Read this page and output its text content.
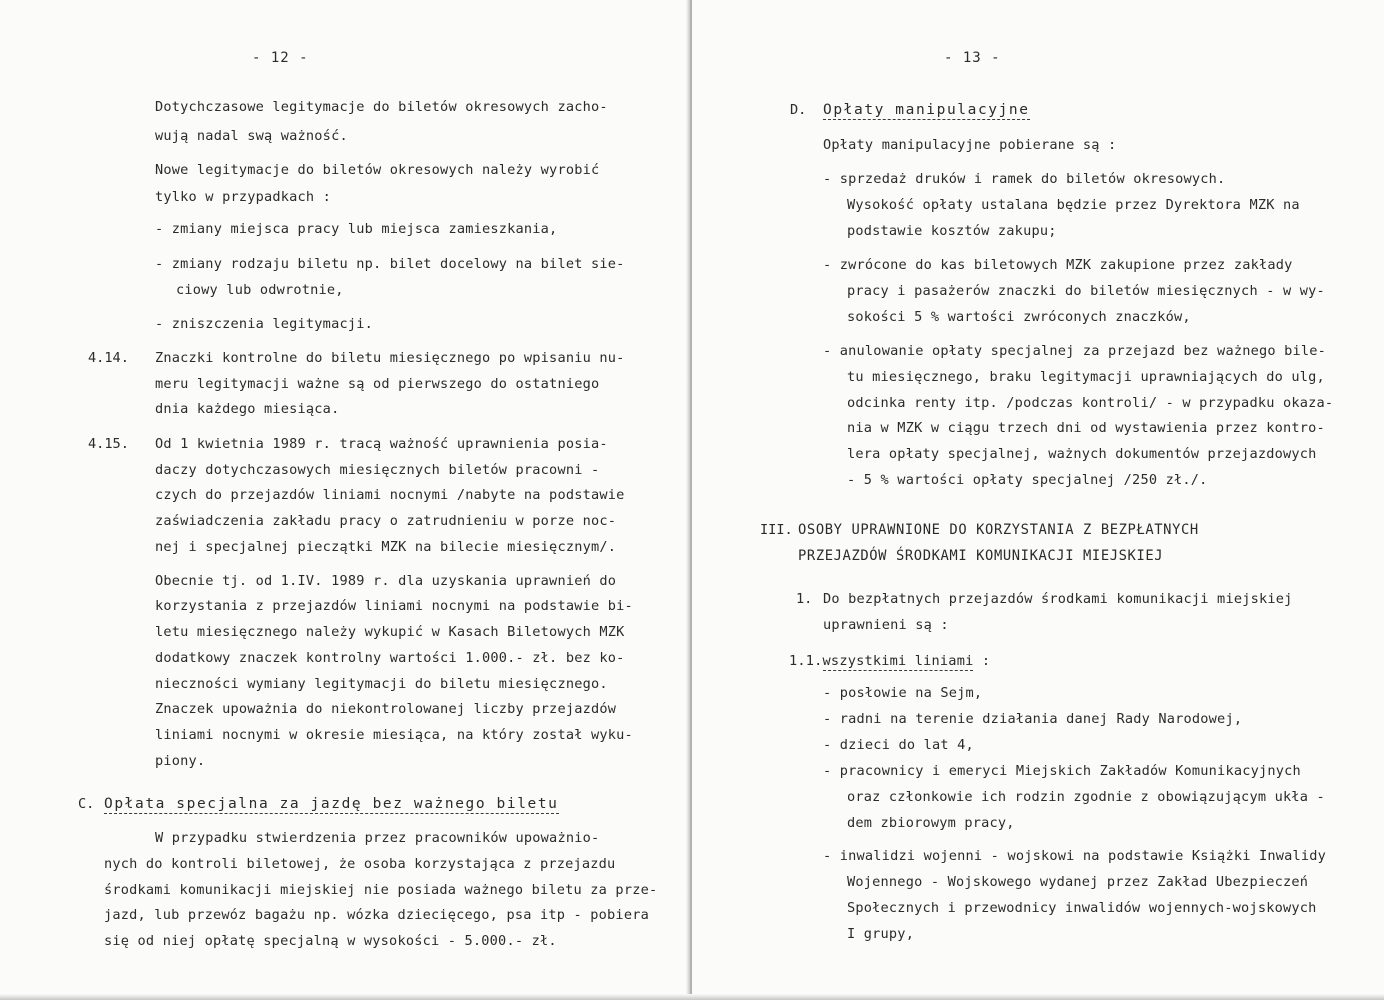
- 12 -
Dotychczasowe legitymacje do biletów okresowych zacho-
wują nadal swą ważność.
Nowe legitymacje do biletów okresowych należy wyrobić
tylko w przypadkach :
- zmiany miejsca pracy lub miejsca zamieszkania,
- zmiany rodzaju biletu np. bilet docelowy na bilet sie-
ciowy lub odwrotnie,
- zniszczenia legitymacji.
4.14. Znaczki kontrolne do biletu miesięcznego po wpisaniu nu-
meru legitymacji ważne są od pierwszego do ostatniego
dnia każdego miesiąca.
4.15. Od 1 kwietnia 1989 r. tracą ważność uprawnienia posia-
daczy dotychczasowych miesięcznych biletów pracowni -
czych do przejazdów liniami nocnymi /nabyte na podstawie
zaświadczenia zakładu pracy o zatrudnieniu w porze noc-
nej i specjalnej pieczątki MZK na bilecie miesięcznym/.
Obecnie tj. od 1.IV. 1989 r. dla uzyskania uprawnień do
korzystania z przejazdów liniami nocnymi na podstawie bi-
letu miesięcznego należy wykupić w Kasach Biletowych MZK
dodatkowy znaczek kontrolny wartości 1.000.- zł. bez ko-
nieczności wymiany legitymacji do biletu miesięcznego.
Znaczek upoważnia do niekontrolowanej liczby przejazdów
liniami nocnymi w okresie miesiąca, na który został wyku-
piony.
C. Opłata specjalna za jazdę bez ważnego biletu
W przypadku stwierdzenia przez pracowników upoważnio-
nych do kontroli biletowej, że osoba korzystająca z przejazdu
środkami komunikacji miejskiej nie posiada ważnego biletu za prze-
jazd, lub przewóz bagażu np. wózka dziecięcego, psa itp - pobiera
się od niej opłatę specjalną w wysokości - 5.000.- zł.
- 13 -
D. Opłaty manipulacyjne
Opłaty manipulacyjne pobierane są :
- sprzedaż druków i ramek do biletów okresowych.
Wysokość opłaty ustalana będzie przez Dyrektora MZK na
podstawie kosztów zakupu;
- zwrócone do kas biletowych MZK zakupione przez zakłady
pracy i pasażerów znaczki do biletów miesięcznych - w wy-
sokości 5 % wartości zwróconych znaczków,
- anulowanie opłaty specjalnej za przejazd bez ważnego bile-
tu miesięcznego, braku legitymacji uprawniających do ulg,
odcinka renty itp. /podczas kontroli/ - w przypadku okaza-
nia w MZK w ciągu trzech dni od wystawienia przez kontro-
lera opłaty specjalnej, ważnych dokumentów przejazdowych
- 5 % wartości opłaty specjalnej /250 zł./.
III. OSOBY UPRAWNIONE DO KORZYSTANIA Z BEZPŁATNYCH
PRZEJAZDÓW ŚRODKAMI KOMUNIKACJI MIEJSKIEJ
1. Do bezpłatnych przejazdów środkami komunikacji miejskiej
uprawnieni są :
1.1.wszystkimi liniami :
- posłowie na Sejm,
- radni na terenie działania danej Rady Narodowej,
- dzieci do lat 4,
- pracownicy i emeryci Miejskich Zakładów Komunikacyjnych
oraz członkowie ich rodzin zgodnie z obowiązującym ukła -
dem zbiorowym pracy,
- inwalidzi wojenni - wojskowi na podstawie Książki Inwalidy
Wojennego - Wojskowego wydanej przez Zakład Ubezpieczeń
Społecznych i przewodnicy inwalidów wojennych-wojskowych
I grupy,
